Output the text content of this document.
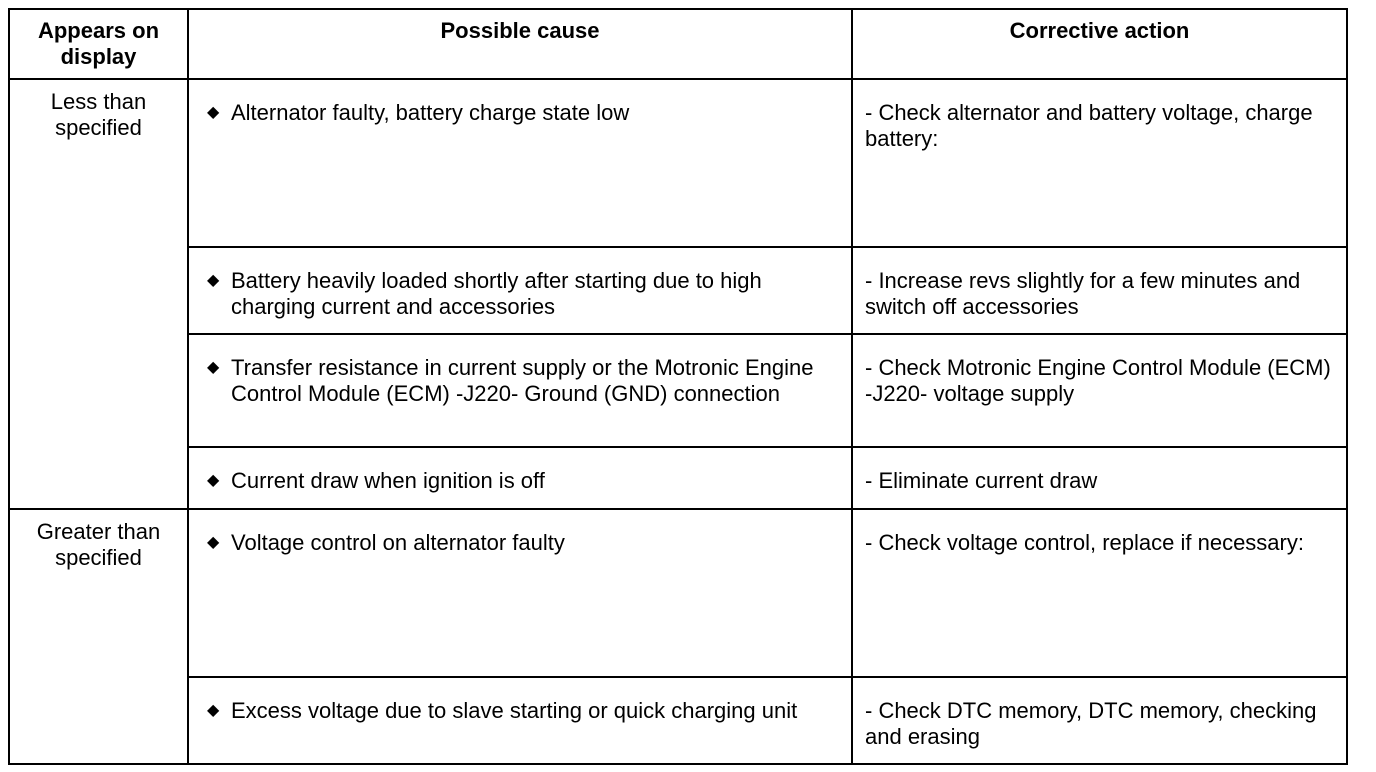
Appears on display	Possible cause	Corrective action
Less than specified	◆ Alternator faulty, battery charge state low	- Check alternator and battery voltage, charge battery:

	◆ Battery heavily loaded shortly after starting due to high charging current and accessories	- Increase revs slightly for a few minutes and switch off accessories

	◆ Transfer resistance in current supply or the Motronic Engine Control Module (ECM) -J220- Ground (GND) connection	- Check Motronic Engine Control Module (ECM) -J220- voltage supply

	◆ Current draw when ignition is off	- Eliminate current draw
Greater than specified	◆ Voltage control on alternator faulty	- Check voltage control, replace if necessary:

	◆ Excess voltage due to slave starting or quick charging unit	- Check DTC memory, DTC memory, checking and erasing
